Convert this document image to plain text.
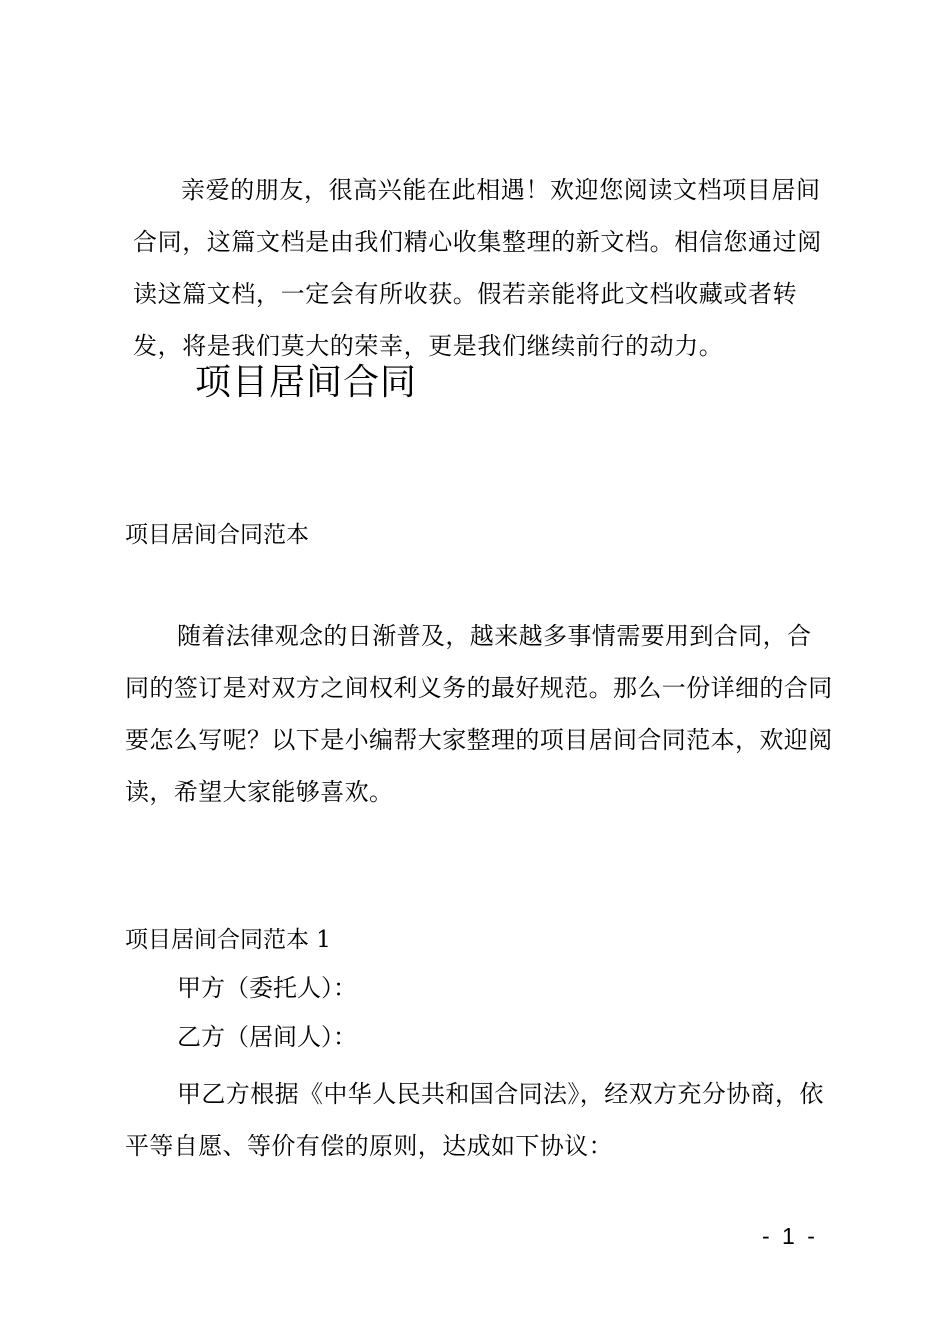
亲爱的朋友，很高兴能在此相遇！欢迎您阅读文档项目居间合同，这篇文档是由我们精心收集整理的新文档。相信您通过阅读这篇文档，一定会有所收获。假若亲能将此文档收藏或者转发，将是我们莫大的荣幸，更是我们继续前行的动力。

项目居间合同
项目居间合同范本

随着法律观念的日渐普及，越来越多事情需要用到合同，合同的签订是对双方之间权利义务的最好规范。那么一份详细的合同要怎么写呢？以下是小编帮大家整理的项目居间合同范本，欢迎阅读，希望大家能够喜欢。

项目居间合同范本 1

甲方（委托人）：

乙方（居间人）：

甲乙方根据《中华人民共和国合同法》，经双方充分协商，依平等自愿、等价有偿的原则，达成如下协议：

- 1 -
